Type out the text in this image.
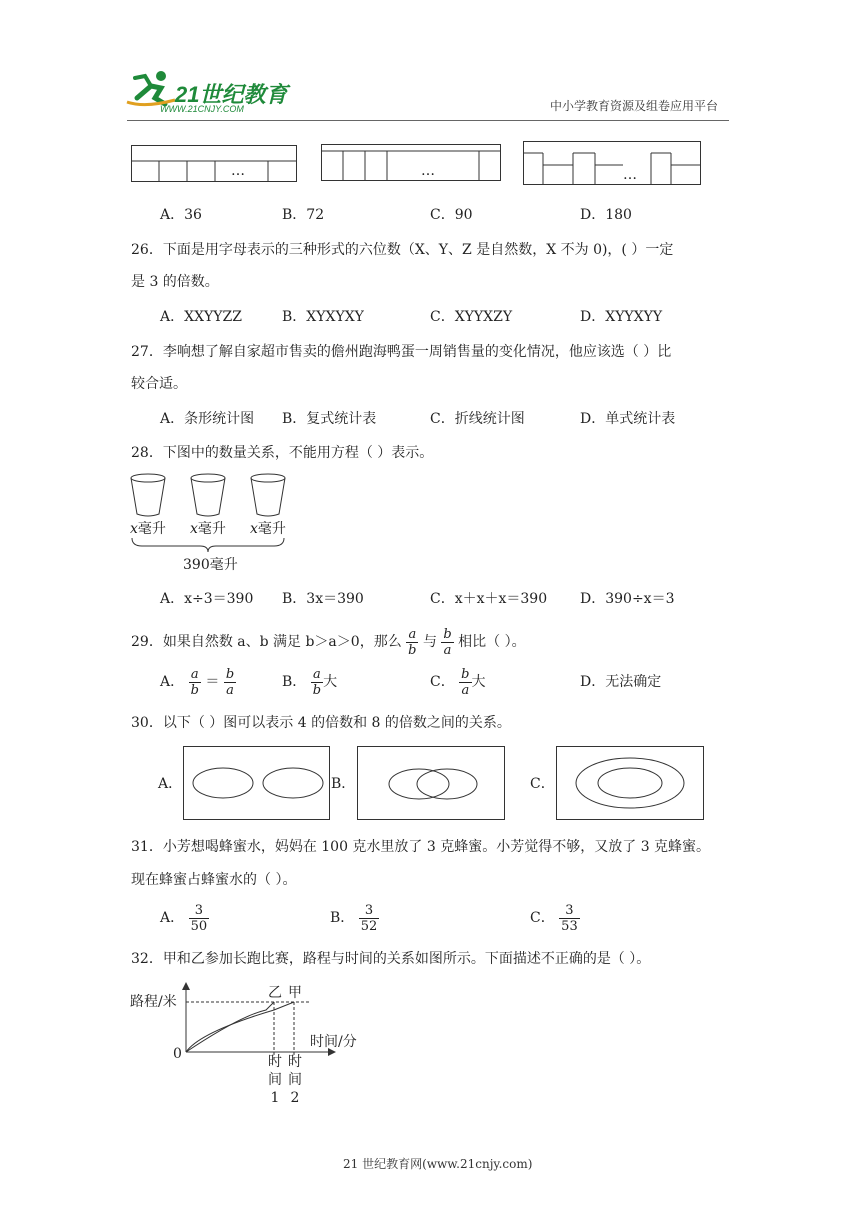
21世纪教育
WWW.21CNJY.COM	中小学教育资源及组卷应用平台
…	…	…
A．36	B．72	C．90	D．180
26．下面是用字母表示的三种形式的六位数（X、Y、Z 是自然数，X 不为 0)，( ）一定
是 3 的倍数。
A．XXYYZZ	B．XYXYXY	C．XYYXZY	D．XYYXYY
27．李响想了解自家超市售卖的儋州跑海鸭蛋一周销售量的变化情况，他应该选（ ）比
较合适。
A．条形统计图 B．复式统计表	C．折线统计图	D．单式统计表
28．下图中的数量关系，不能用方程（ ）表示。
x毫升 x毫升 x毫升
390毫升
A．x÷3＝390 B．3x＝390	C．x＋x＋x＝390 D．390÷x＝3
29．如果自然数 a、b 满足 b＞a＞0，那么 $\frac{a}{b}$ 与 $\frac{b}{a}$ 相比（ ）。
A． $\frac{a}{b} = \frac{b}{a}$	B． $\frac{a}{b}$ 大	C． $\frac{b}{a}$ 大	D．无法确定
30．以下（ ）图可以表示 4 的倍数和 8 的倍数之间的关系。
A．	B．	C．
31．小芳想喝蜂蜜水，妈妈在 100 克水里放了 3 克蜂蜜。小芳觉得不够，又放了 3 克蜂蜜。
现在蜂蜜占蜂蜜水的（ ）。
A． $\frac{3}{50}$	B． $\frac{3}{52}$	C． $\frac{3}{53}$
32．甲和乙参加长跑比赛，路程与时间的关系如图所示。下面描述不正确的是（ ）。
路程/米
乙 甲
时间/分
0	时
间
1
时
间
2
21 世纪教育网(www.21cnjy.com)
